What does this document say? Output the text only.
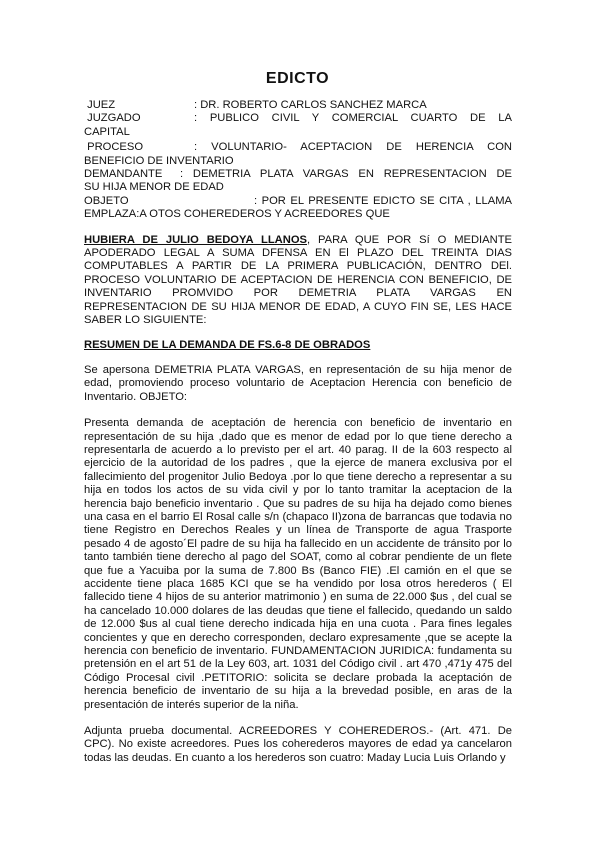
EDICTO
JUEZ	: DR. ROBERTO CARLOS SANCHEZ MARCA
JUZGADO	: PUBLICO CIVIL Y COMERCIAL CUARTO DE LA
CAPITAL
PROCESO	: VOLUNTARIO- ACEPTACION DE HERENCIA CON
BENEFICIO DE INVENTARIO
DEMANDANTE	: DEMETRIA PLATA VARGAS EN REPRESENTACION DE
SU HIJA MENOR DE EDAD
OBJETO	: POR EL PRESENTE EDICTO SE CITA , LLAMA
EMPLAZA:A OTOS COHEREDEROS Y ACREEDORES QUE

HUBIERA DE JULIO BEDOYA LLANOS, PARA QUE POR Sí O MEDIANTE APODERADO LEGAL A SUMA DFENSA EN El PLAZO DEL TREINTA DIAS COMPUTABLES A PARTIR DE LA PRIMERA PUBLICACIÓN, DENTRO DEl. PROCESO VOLUNTARIO DE ACEPTACION DE HERENCIA CON BENEFICIO, DE INVENTARIO PROMVIDO POR DEMETRIA PLATA VARGAS EN REPRESENTACION DE SU HIJA MENOR DE EDAD, A CUYO FIN SE, LES HACE SABER LO SIGUIENTE:

RESUMEN DE LA DEMANDA DE FS.6-8 DE OBRADOS

Se apersona DEMETRIA PLATA VARGAS, en representación de su hija menor de edad, promoviendo proceso voluntario de Aceptacion Herencia con beneficio de Inventario. OBJETO:

Presenta demanda de aceptación de herencia con beneficio de inventario en representación de su hija ,dado que es menor de edad por lo que tiene derecho a representarla de acuerdo a lo previsto per el art. 40 parag. II de la 603 respecto al ejercicio de la autoridad de los padres , que la ejerce de manera exclusiva por el fallecimiento del progenitor Julio Bedoya .por lo que tiene derecho a representar a su hija en todos los actos de su vida civil y por lo tanto tramitar la aceptacion de la herencia bajo beneficio inventario . Que su padres de su hija ha dejado como bienes una casa en el barrio El Rosal calle s/n (chapaco II)zona de barrancas que todavia no tiene Registro en Derechos Reales y un línea de Transporte de agua Trasporte pesado 4 de agosto´El padre de su hija ha fallecido en un accidente de tránsito por lo tanto también tiene derecho al pago del SOAT, como al cobrar pendiente de un flete que fue a Yacuiba por la suma de 7.800 Bs (Banco FIE) .El camión en el que se accidente tiene placa 1685 KCI que se ha vendido por losa otros herederos ( El fallecido tiene 4 hijos de su anterior matrimonio ) en suma de 22.000 $us , del cual se ha cancelado 10.000 dolares de las deudas que tiene el fallecido, quedando un saldo de 12.000 $us al cual tiene derecho indicada hija en una cuota . Para fines legales concientes y que en derecho corresponden, declaro expresamente ,que se acepte la herencia con beneficio de inventario. FUNDAMENTACION JURIDICA: fundamenta su pretensión en el art 51 de la Ley 603, art. 1031 del Código civil . art 470 ,471y 475 del Código Procesal civil .PETITORIO: solicita se declare probada la aceptación de herencia beneficio de inventario de su hija a la brevedad posible, en aras de la presentación de interés superior de la niña.

Adjunta prueba documental. ACREEDORES Y COHEREDEROS.- (Art. 471. De CPC). No existe acreedores. Pues los coherederos mayores de edad ya cancelaron todas las deudas. En cuanto a los herederos son cuatro: Maday Lucia Luis Orlando y
